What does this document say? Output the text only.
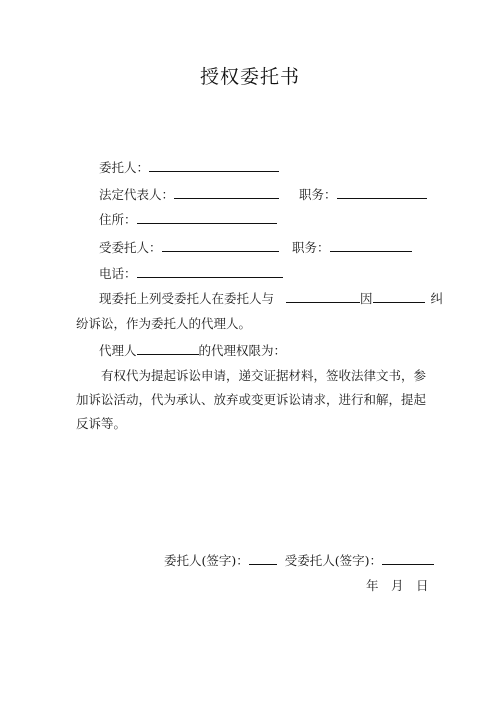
授权委托书
委托人：
法定代表人：	职务：
住所：
受委托人：	职务：
电话：
现委托上列受委托人在委托人与	因	纠
纷诉讼，作为委托人的代理人。
代理人	的代理权限为：
有权代为提起诉讼申请，递交证据材料，签收法律文书，参加诉讼活动，代为承认、放弃或变更诉讼请求，进行和解，提起反诉等。
委托人(签字)：	受委托人(签字)：
年　月　日
